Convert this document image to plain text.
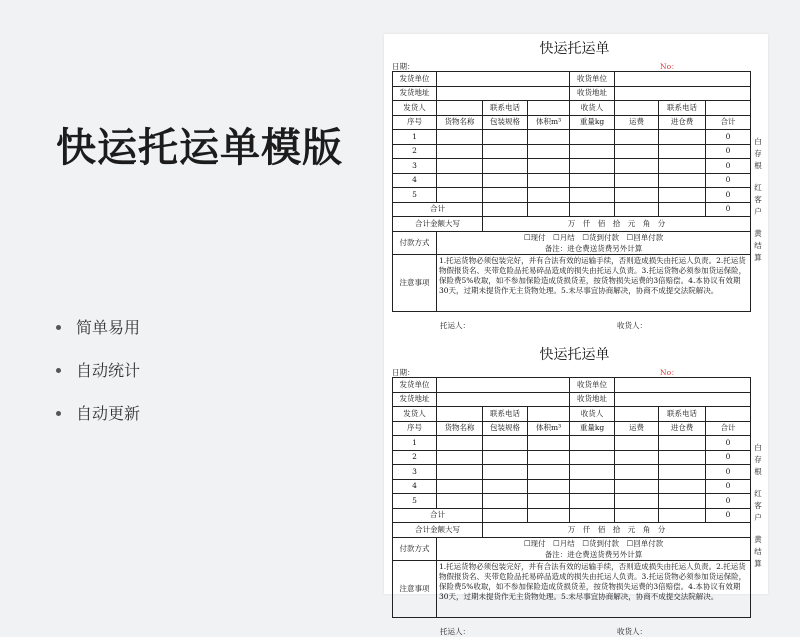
快运托运单模版
简单易用
自动统计
自动更新
快运托运单
日期：	No：
发货单位				收货单位			
发货地址				收货地址			
发货人		联系电话		收货人		联系电话	
序号	货物名称	包装规格	体积m³	重量kg	运费	进仓费	合计
1							0
2							0
3							0
4							0
5							0
合计							0
合计金额大写		万　仟　佰　拾　元　角　分					
付款方式	☐现付　☐月结　☐货到付款　☐回单付款
备注：进仓费送货费另外计算						

注意事项	1.托运货物必须包装完好，并有合法有效的运输手续，否则造成损失由托运人负责。2.托运货物假报货名、夹带危险品托易碎品造成的损失由托运人负责。3.托运货物必须参加货运保险，保险费5%收取，如不参加保险造成货损货差，按货物损失运费的3倍赔偿。4.本协议有效期30天，过期未提货作无主货物处理。5.未尽事宜协商解决，协商不成提交法院解决。						
托运人：	收货人：
白存根
红客户
黄结算
快运托运单
日期：	No：
发货单位				收货单位			
发货地址				收货地址			
发货人		联系电话		收货人		联系电话	
序号	货物名称	包装规格	体积m³	重量kg	运费	进仓费	合计
1							0
2							0
3							0
4							0
5							0
合计							0
合计金额大写		万　仟　佰　拾　元　角　分					
付款方式	☐现付　☐月结　☐货到付款　☐回单付款
备注：进仓费送货费另外计算						

注意事项	1.托运货物必须包装完好，并有合法有效的运输手续，否则造成损失由托运人负责。2.托运货物假报货名、夹带危险品托易碎品造成的损失由托运人负责。3.托运货物必须参加货运保险，保险费5%收取，如不参加保险造成货损货差，按货物损失运费的3倍赔偿。4.本协议有效期30天，过期未提货作无主货物处理。5.未尽事宜协商解决，协商不成提交法院解决。						
托运人：	收货人：
白存根
红客户
黄结算
